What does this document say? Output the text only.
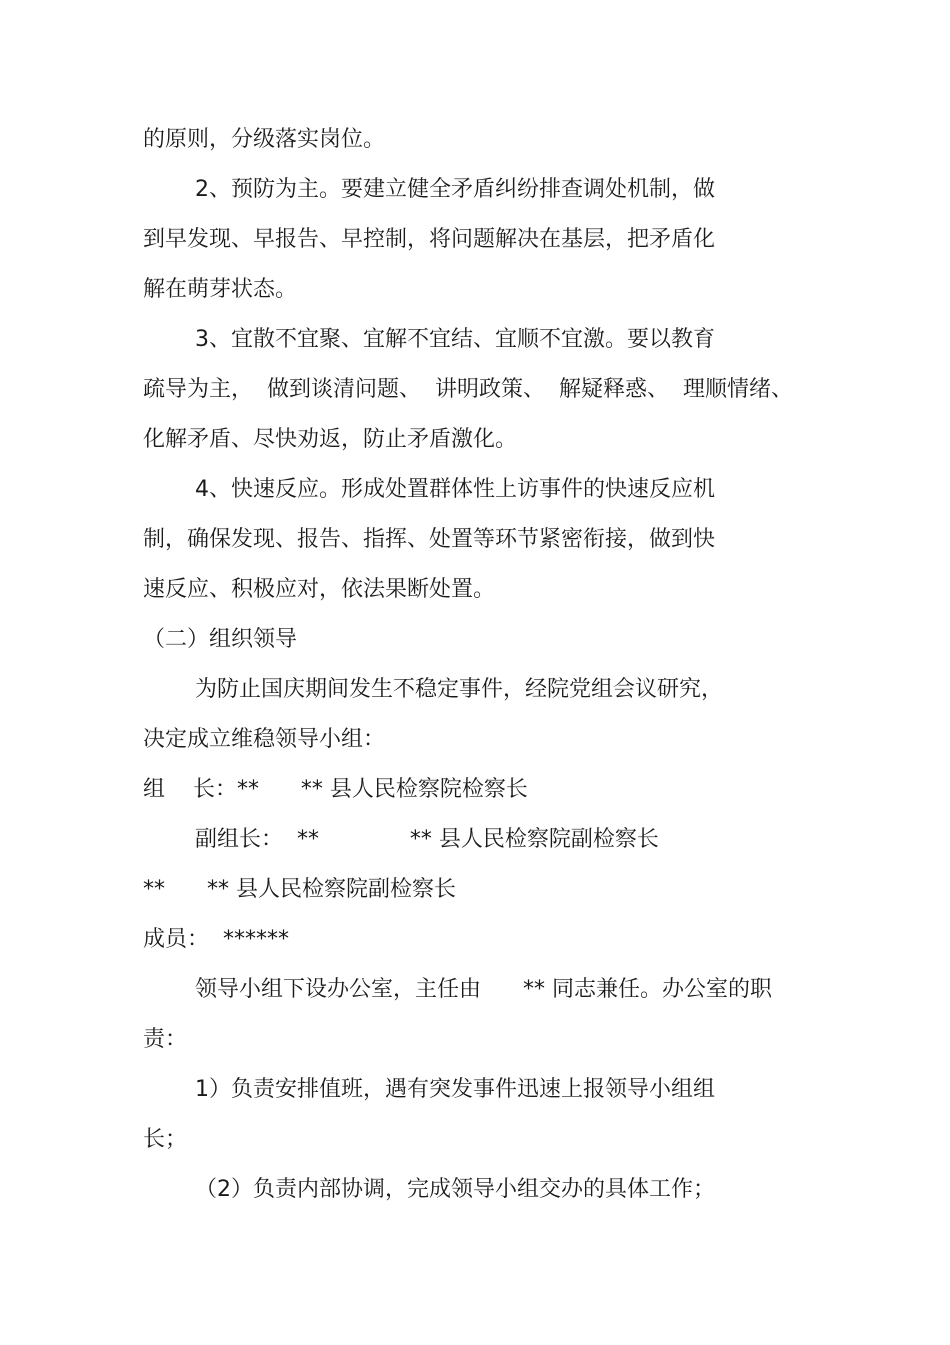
的原则，分级落实岗位。

2、预防为主。要建立健全矛盾纠纷排查调处机制，做

到早发现、早报告、早控制，将问题解决在基层，把矛盾化

解在萌芽状态。

3、宜散不宜聚、宜解不宜结、宜顺不宜激。要以教育

疏导为主，  做到谈清问题、  讲明政策、  解疑释惑、  理顺情绪、

化解矛盾、尽快劝返，防止矛盾激化。

4、快速反应。形成处置群体性上访事件的快速反应机

制，确保发现、报告、指挥、处置等环节紧密衔接，做到快

速反应、积极应对，依法果断处置。

（二）组织领导

为防止国庆期间发生不稳定事件，经院党组会议研究，

决定成立维稳领导小组：

组    长：**      ** 县人民检察院检察长

副组长：  **             ** 县人民检察院副检察长

**      ** 县人民检察院副检察长

成员：  ******

领导小组下设办公室，主任由      ** 同志兼任。办公室的职

责：

1）负责安排值班，遇有突发事件迅速上报领导小组组

长；

（2）负责内部协调，完成领导小组交办的具体工作；
